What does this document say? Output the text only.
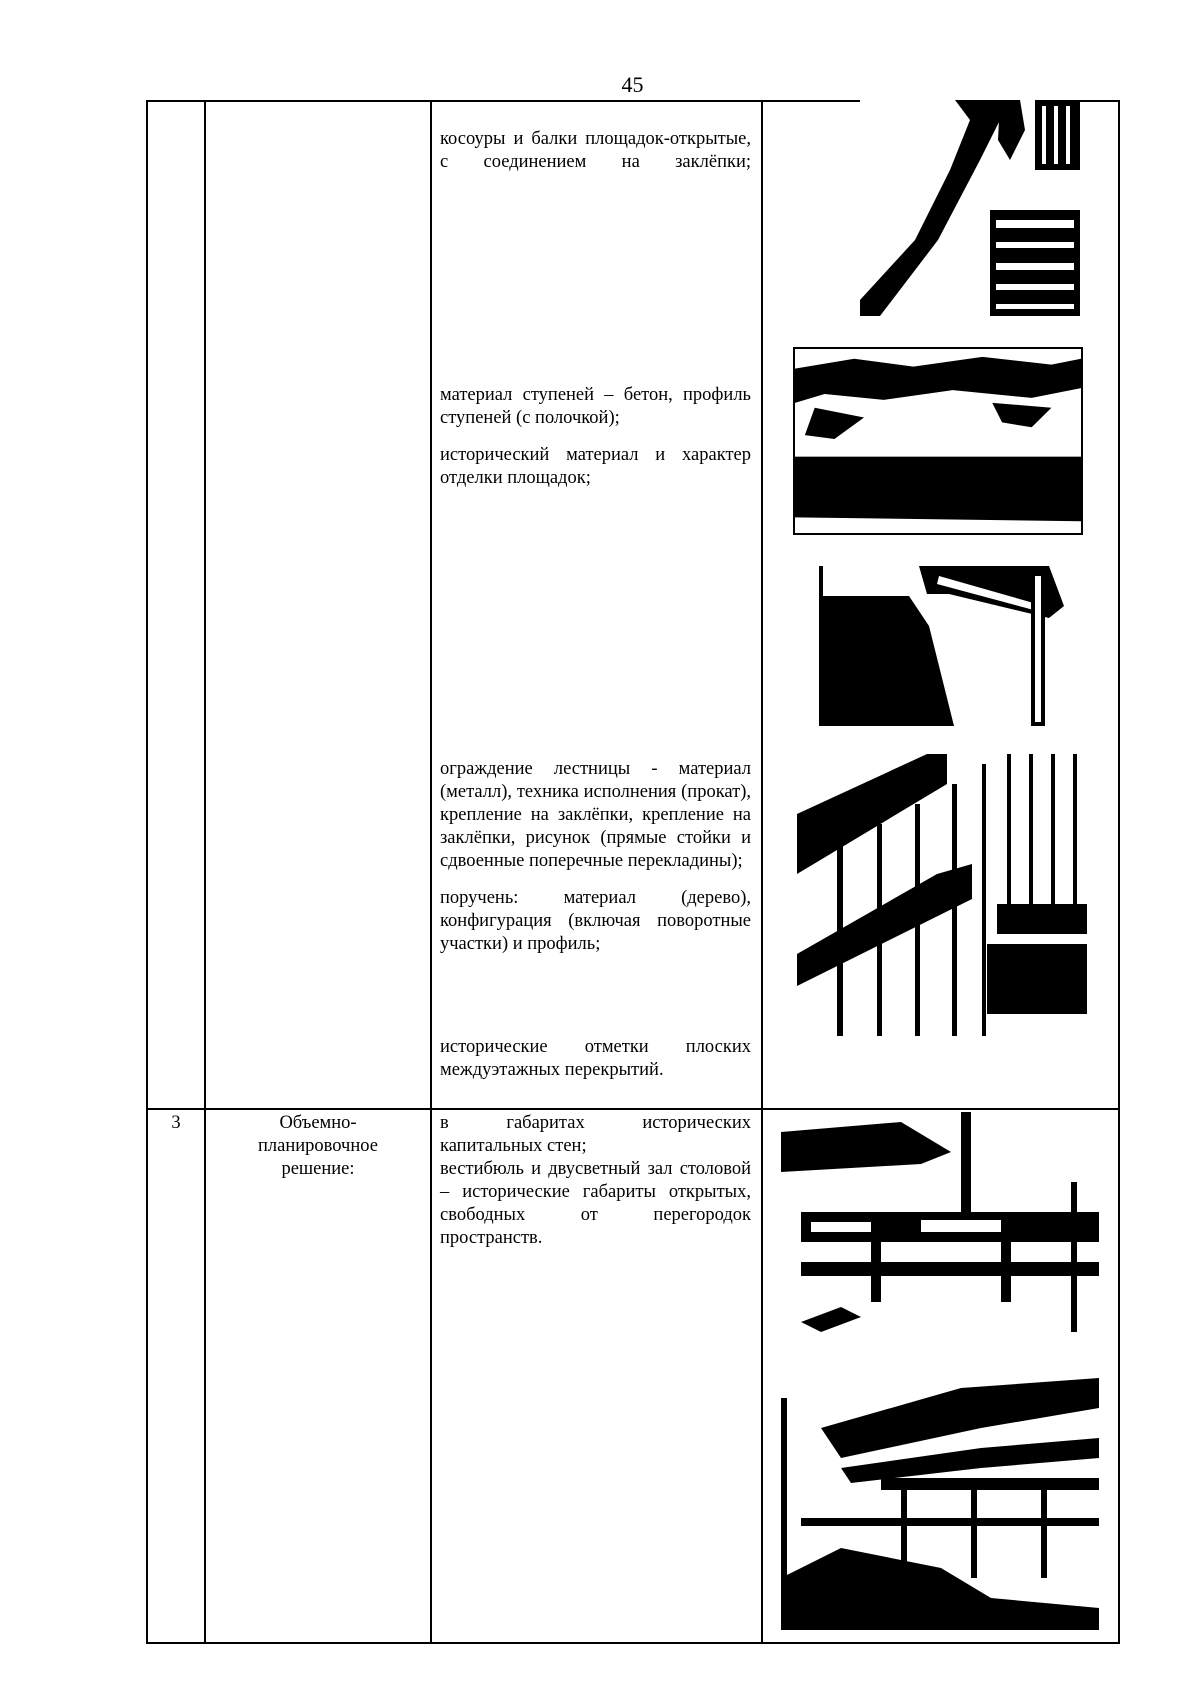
45

косоуры и балки площадок-открытые, с соединением на заклёпки;

материал ступеней – бетон, профиль ступеней (с полочкой);

исторический материал и характер отделки площадок;

ограждение лестницы - материал (металл), техника исполнения (прокат), крепление на заклёпки, крепление на заклёпки, рисунок (прямые стойки и сдвоенные поперечные перекладины);

поручень: материал (дерево), конфигурация (включая поворотные участки) и профиль;

исторические отметки плоских междуэтажных перекрытий.

3	Объемно-
планировочное
решение:

в габаритах исторических капитальных стен;

вестибюль и двусветный зал столовой – исторические габариты открытых, свободных от перегородок пространств.
